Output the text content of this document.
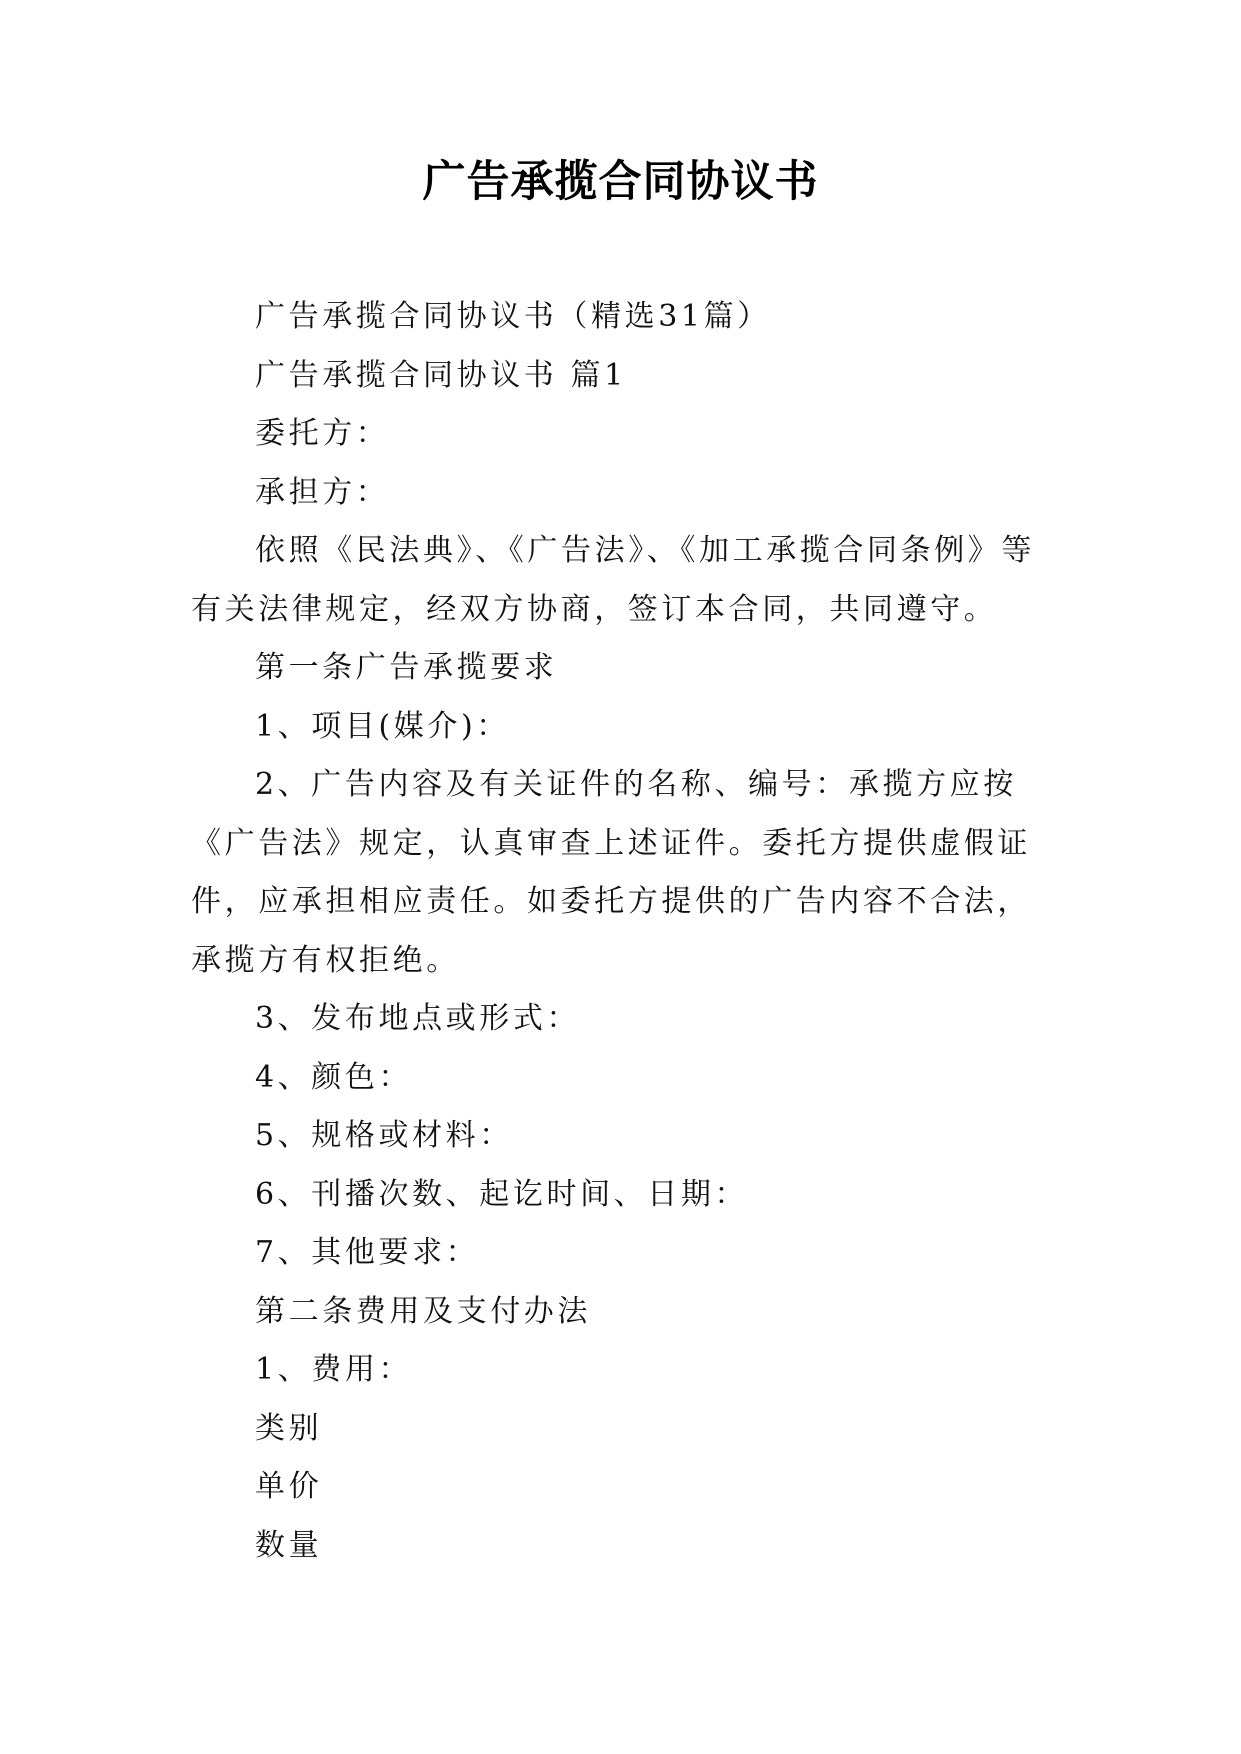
广告承揽合同协议书

广告承揽合同协议书（精选31篇）

广告承揽合同协议书 篇1

委托方：

承担方：

依照《民法典》、《广告法》、《加工承揽合同条例》等有关法律规定，经双方协商，签订本合同，共同遵守。

第一条广告承揽要求

1、项目(媒介)：

2、广告内容及有关证件的名称、编号：承揽方应按《广告法》规定，认真审查上述证件。委托方提供虚假证件，应承担相应责任。如委托方提供的广告内容不合法，承揽方有权拒绝。

3、发布地点或形式：

4、颜色：

5、规格或材料：

6、刊播次数、起讫时间、日期：

7、其他要求：

第二条费用及支付办法

1、费用：

类别

单价

数量
